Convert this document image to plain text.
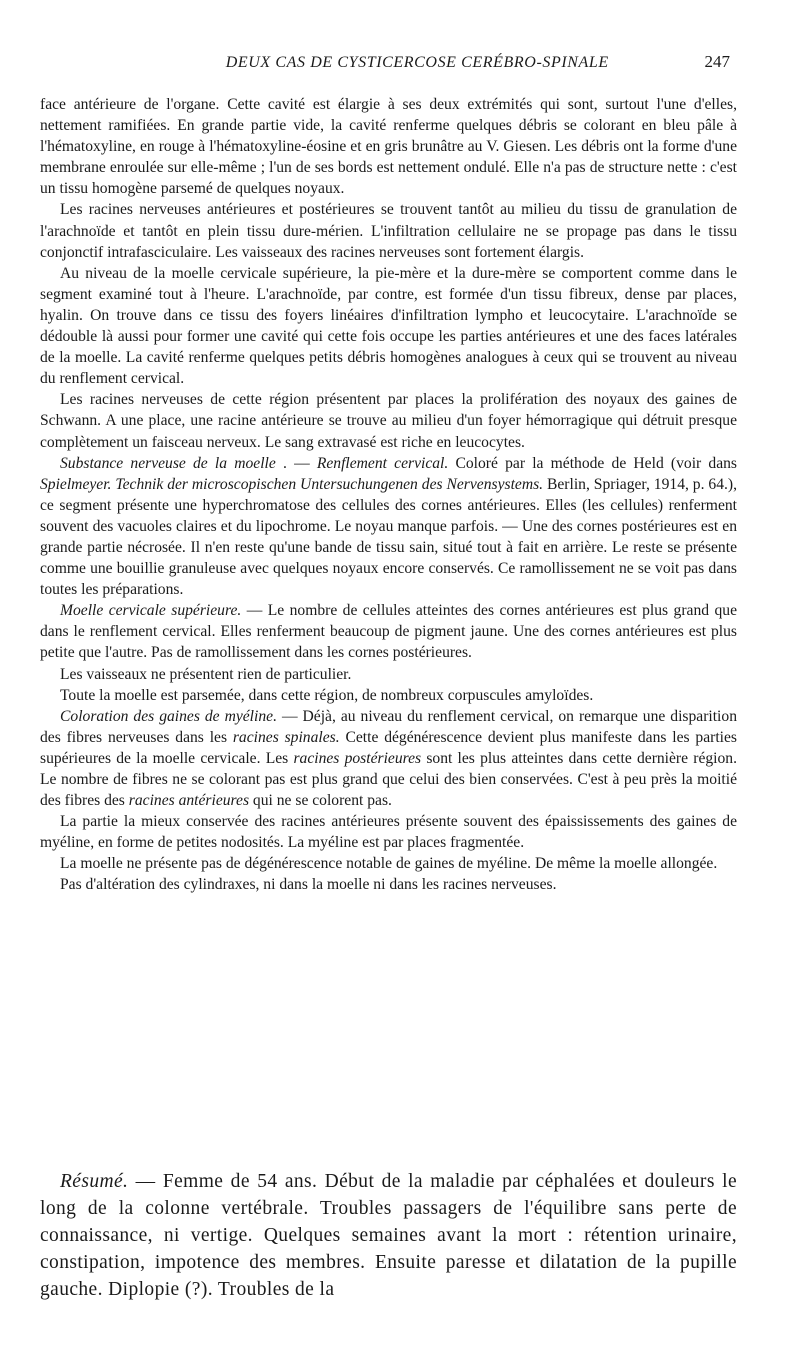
DEUX CAS DE CYSTICERCOSE CERÉBRO-SPINALE	247

face antérieure de l'organe. Cette cavité est élargie à ses deux extrémités qui sont, surtout l'une d'elles, nettement ramifiées. En grande partie vide, la cavité renferme quelques débris se colorant en bleu pâle à l'hématoxyline, en rouge à l'hématoxyline-éosine et en gris brunâtre au V. Giesen. Les débris ont la forme d'une membrane enroulée sur elle-même ; l'un de ses bords est nettement ondulé. Elle n'a pas de structure nette : c'est un tissu homogène parsemé de quelques noyaux.

Les racines nerveuses antérieures et postérieures se trouvent tantôt au milieu du tissu de granulation de l'arachnoïde et tantôt en plein tissu dure-mérien. L'infiltration cellulaire ne se propage pas dans le tissu conjonctif intrafasciculaire. Les vaisseaux des racines nerveuses sont fortement élargis.

Au niveau de la moelle cervicale supérieure, la pie-mère et la dure-mère se comportent comme dans le segment examiné tout à l'heure. L'arachnoïde, par contre, est formée d'un tissu fibreux, dense par places, hyalin. On trouve dans ce tissu des foyers linéaires d'infiltration lympho et leucocytaire. L'arachnoïde se dédouble là aussi pour former une cavité qui cette fois occupe les parties antérieures et une des faces latérales de la moelle. La cavité renferme quelques petits débris homogènes analogues à ceux qui se trouvent au niveau du renflement cervical.

Les racines nerveuses de cette région présentent par places la prolifération des noyaux des gaines de Schwann. A une place, une racine antérieure se trouve au milieu d'un foyer hémorragique qui détruit presque complètement un faisceau nerveux. Le sang extravasé est riche en leucocytes.

Substance nerveuse de la moelle . — Renflement cervical. Coloré par la méthode de Held (voir dans Spielmeyer. Technik der microscopischen Untersuchungenen des Nervensystems. Berlin, Spriager, 1914, p. 64.), ce segment présente une hyperchromatose des cellules des cornes antérieures. Elles (les cellules) renferment souvent des vacuoles claires et du lipochrome. Le noyau manque parfois. — Une des cornes postérieures est en grande partie nécrosée. Il n'en reste qu'une bande de tissu sain, situé tout à fait en arrière. Le reste se présente comme une bouillie granuleuse avec quelques noyaux encore conservés. Ce ramollissement ne se voit pas dans toutes les préparations.

Moelle cervicale supérieure. — Le nombre de cellules atteintes des cornes antérieures est plus grand que dans le renflement cervical. Elles renferment beaucoup de pigment jaune. Une des cornes antérieures est plus petite que l'autre. Pas de ramollissement dans les cornes postérieures.

Les vaisseaux ne présentent rien de particulier.

Toute la moelle est parsemée, dans cette région, de nombreux corpuscules amyloïdes.

Coloration des gaines de myéline. — Déjà, au niveau du renflement cervical, on remarque une disparition des fibres nerveuses dans les racines spinales. Cette dégénérescence devient plus manifeste dans les parties supérieures de la moelle cervicale. Les racines postérieures sont les plus atteintes dans cette dernière région. Le nombre de fibres ne se colorant pas est plus grand que celui des bien conservées. C'est à peu près la moitié des fibres des racines antérieures qui ne se colorent pas.

La partie la mieux conservée des racines antérieures présente souvent des épaississements des gaines de myéline, en forme de petites nodosités. La myéline est par places fragmentée.

La moelle ne présente pas de dégénérescence notable de gaines de myéline. De même la moelle allongée.

Pas d'altération des cylindraxes, ni dans la moelle ni dans les racines nerveuses.

Résumé. — Femme de 54 ans. Début de la maladie par céphalées et douleurs le long de la colonne vertébrale. Troubles passagers de l'équilibre sans perte de connaissance, ni vertige. Quelques semaines avant la mort : rétention urinaire, constipation, impotence des membres. Ensuite paresse et dilatation de la pupille gauche. Diplopie (?). Troubles de la
